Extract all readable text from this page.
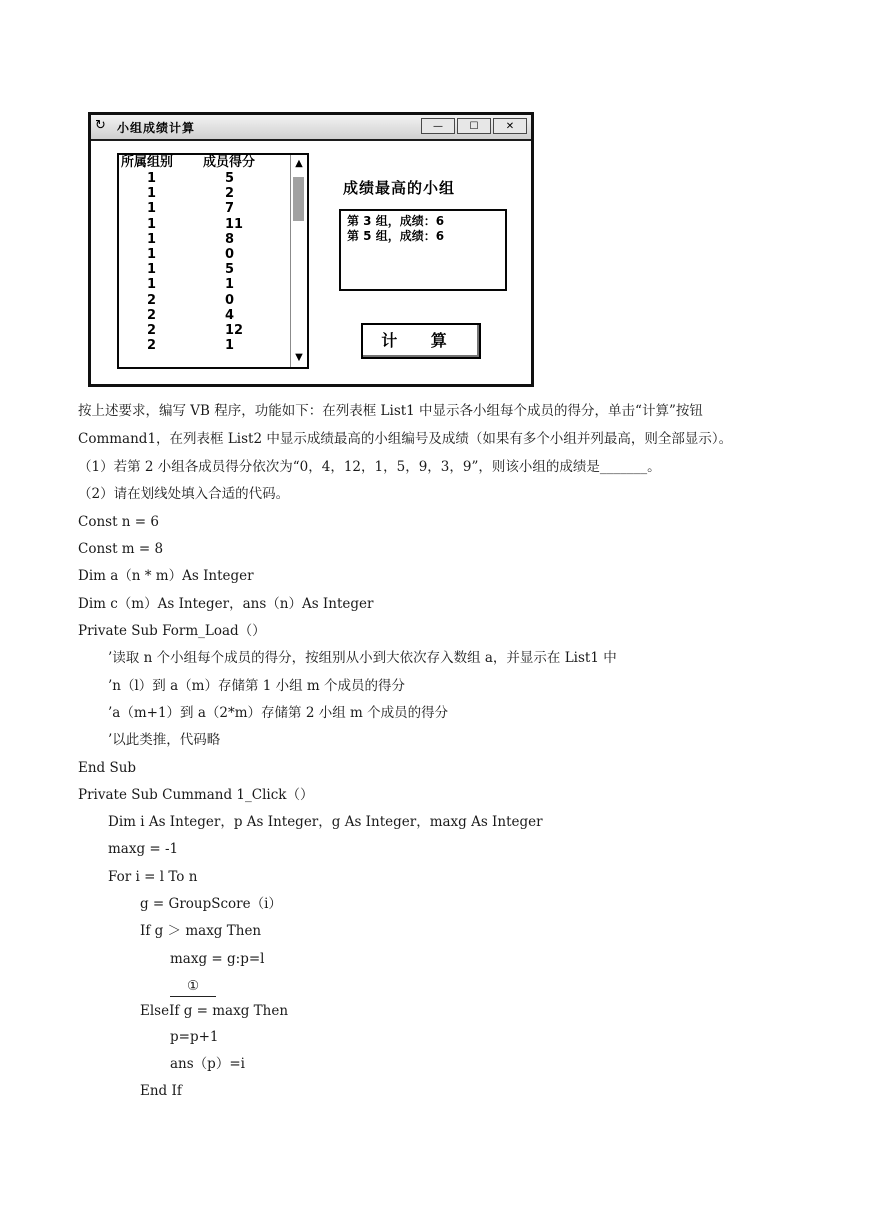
↻ 小组成绩计算	—	☐	✕
所属组别	成员得分
1	5
1	2
1	7
1	11
1	8
1	0
1	5
1	1
2	0
2	4
2	12
2	1
▲
▼
成绩最高的小组
第 3 组，成绩：6
第 5 组，成绩：6
计 算
按上述要求，编写 VB 程序，功能如下：在列表框 List1 中显示各小组每个成员的得分，单击“计算”按钮
Command1，在列表框 List2 中显示成绩最高的小组编号及成绩（如果有多个小组并列最高，则全部显示）。
（1）若第 2 小组各成员得分依次为“0，4，12，1，5，9，3，9”，则该小组的成绩是_______。
（2）请在划线处填入合适的代码。
Const n = 6
Const m = 8
Dim a（n * m）As Integer
Dim c（m）As Integer，ans（n）As Integer
Private Sub Form_Load（）
’读取 n 个小组每个成员的得分，按组别从小到大依次存入数组 a，并显示在 List1 中
’n（l）到 a（m）存储第 1 小组 m 个成员的得分
’a（m+1）到 a（2*m）存储第 2 小组 m 个成员的得分
’以此类推，代码略
End Sub
Private Sub Cummand 1_Click（）
Dim i As Integer，p As Integer，g As Integer，maxg As Integer
maxg = -1
For i = l To n
g = GroupScore（i）
If g ＞ maxg Then
maxg = g:p=l
①
ElseIf g = maxg Then
p=p+1
ans（p）=i
End If
